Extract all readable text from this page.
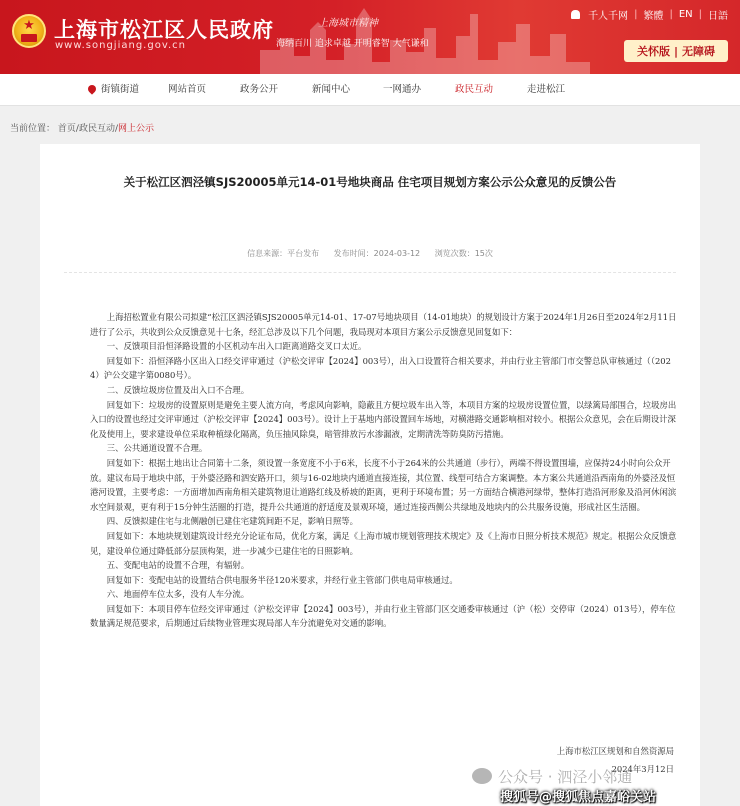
★ 上海市松江区人民政府
www.songjiang.gov.cn
上海城市精神
海纳百川 追求卓越 开明睿智 大气谦和
千人千网 | 繁體 | EN | 日語
关怀版 | 无障碍
街镇街道	网站首页	政务公开	新闻中心	一网通办	政民互动	走进松江
当前位置： 首页/政民互动/网上公示
关于松江区泗泾镇SJS20005单元14-01号地块商品 住宅项目规划方案公示公众意见的反馈公告
信息来源：平台发布 发布时间：2024-03-12 浏览次数：15次

上海招松置业有限公司拟建“松江区泗泾镇SJS20005单元14-01、17-07号地块项目（14-01地块）的规划设计方案于2024年1月26日至2024年2月11日进行了公示，共收到公众反馈意见十七条，经汇总涉及以下几个问题，我局现对本项目方案公示反馈意见回复如下：

一、反馈项目沿恒泽路设置的小区机动车出入口距离道路交叉口太近。

回复如下：沿恒泽路小区出入口经交评审通过（沪松交评审【2024】003号），出入口设置符合相关要求，并由行业主管部门市交警总队审核通过（（2024）沪公交建字第0080号）。

二、反馈垃圾房位置及出入口不合理。

回复如下：垃圾房的设置原则是避免主要人流方向，考虑风向影响，隐蔽且方便垃圾车出入等，本项目方案的垃圾房设置位置，以绿篱局部围合，垃圾房出入口的设置也经过交评审通过（沪松交评审【2024】003号）。设计上于基地内部设置回车场地，对横港路交通影响相对较小。根据公众意见，会在后期设计深化及使用上，要求建设单位采取种植绿化隔离，负压抽风除臭，暗管排放污水渗漏液，定期清洗等防臭防污措施。

三、公共通道设置不合理。

回复如下：根据土地出让合同第十二条，须设置一条宽度不小于6米，长度不小于264米的公共通道（步行），两端不得设置围墙，应保持24小时向公众开放。建议布局于地块中部，于外婆泾路和泗安路开口，须与16-02地块内通道直接连接，其位置、线型可结合方案调整。本方案公共通道沿西南角的外婆泾及恒港河设置，主要考虑：一方面增加西南角相关建筑物退让道路红线及桥坡的距离，更利于环境布置；另一方面结合横港河绿带，整体打造沿河形象及沿河休闲滨水空间景观，更有利于15分钟生活圈的打造，提升公共通道的舒适度及景观环境，通过连接西侧公共绿地及地块内的公共服务设施，形成社区生活圈。

四、反馈拟建住宅与北侧融创已建住宅建筑间距不足，影响日照等。

回复如下：本地块规划建筑设计经充分论证布局，优化方案，满足《上海市城市规划管理技术规定》及《上海市日照分析技术规范》规定。根据公众反馈意见，建设单位通过降低部分层顶构架，进一步减少已建住宅的日照影响。

五、变配电站的设置不合理，有辐射。

回复如下：变配电站的设置结合供电服务半径120米要求，并经行业主管部门供电局审核通过。

六、地面停车位太多，没有人车分流。

回复如下：本项目停车位经交评审通过（沪松交评审【2024】003号），并由行业主管部门区交通委审核通过（沪（松）交停审（2024）013号），停车位数量满足规范要求，后期通过后续物业管理实现局部人车分流避免对交通的影响。

上海市松江区规划和自然资源局
2024年3月12日
公众号 · 泗泾小邻通
搜狐号@搜狐焦点嘉峪关站
